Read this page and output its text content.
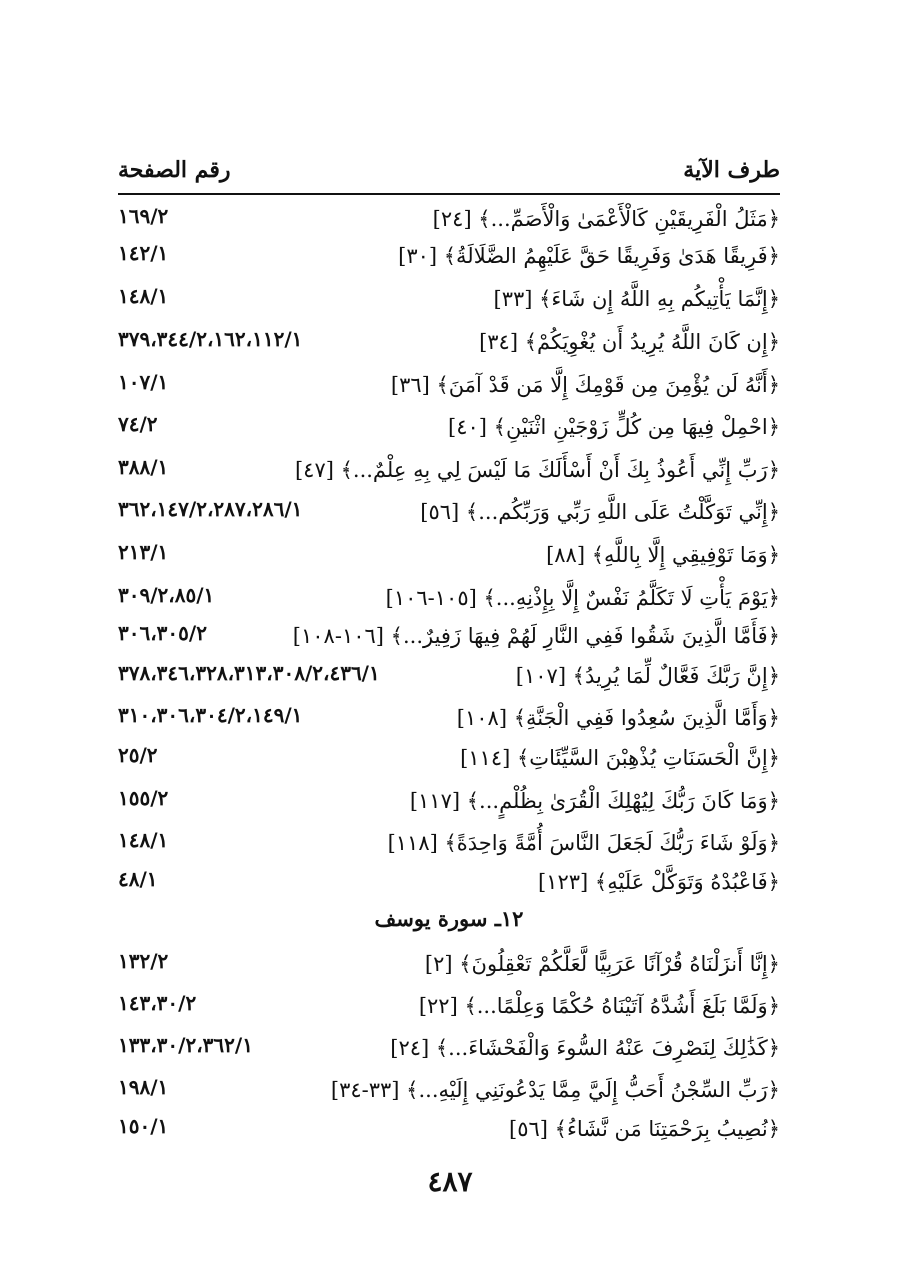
طرف الآية
رقم الصفحة
﴿مَثَلُ الْفَرِيقَيْنِ كَالْأَعْمَىٰ وَالْأَصَمِّ...﴾ [٢٤]
١٦٩/٢
﴿فَرِيقًا هَدَىٰ وَفَرِيقًا حَقَّ عَلَيْهِمُ الضَّلَالَةُ﴾ [٣٠]
١٤٢/١
﴿إِنَّمَا يَأْتِيكُم بِهِ اللَّهُ إِن شَاءَ﴾ [٣٣]
١٤٨/١
﴿إِن كَانَ اللَّهُ يُرِيدُ أَن يُغْوِيَكُمْ﴾ [٣٤]
٣٧٩،٣٤٤/٢،١٦٢،١١٢/١
﴿أَنَّهُ لَن يُؤْمِنَ مِن قَوْمِكَ إِلَّا مَن قَدْ آمَنَ﴾ [٣٦]
١٠٧/١
﴿احْمِلْ فِيهَا مِن كُلٍّ زَوْجَيْنِ اثْنَيْنِ﴾ [٤٠]
٧٤/٢
﴿رَبِّ إِنِّي أَعُوذُ بِكَ أَنْ أَسْأَلَكَ مَا لَيْسَ لِي بِهِ عِلْمٌ...﴾ [٤٧]
٣٨٨/١
﴿إِنِّي تَوَكَّلْتُ عَلَى اللَّهِ رَبِّي وَرَبِّكُم...﴾ [٥٦]
٣٦٢،١٤٧/٢،٢٨٧،٢٨٦/١
﴿وَمَا تَوْفِيقِي إِلَّا بِاللَّهِ﴾ [٨٨]
٢١٣/١
﴿يَوْمَ يَأْتِ لَا تَكَلَّمُ نَفْسٌ إِلَّا بِإِذْنِهِ...﴾ [١٠٥-١٠٦]
٣٠٩/٢،٨٥/١
﴿فَأَمَّا الَّذِينَ شَقُوا فَفِي النَّارِ لَهُمْ فِيهَا زَفِيرٌ...﴾ [١٠٦-١٠٨]
٣٠٦،٣٠٥/٢
﴿إِنَّ رَبَّكَ فَعَّالٌ لِّمَا يُرِيدُ﴾ [١٠٧]
٣٧٨،٣٤٦،٣٢٨،٣١٣،٣٠٨/٢،٤٣٦/١
﴿وَأَمَّا الَّذِينَ سُعِدُوا فَفِي الْجَنَّةِ﴾ [١٠٨]
٣١٠،٣٠٦،٣٠٤/٢،١٤٩/١
﴿إِنَّ الْحَسَنَاتِ يُذْهِبْنَ السَّيِّئَاتِ﴾ [١١٤]
٢٥/٢
﴿وَمَا كَانَ رَبُّكَ لِيُهْلِكَ الْقُرَىٰ بِظُلْمٍ...﴾ [١١٧]
١٥٥/٢
﴿وَلَوْ شَاءَ رَبُّكَ لَجَعَلَ النَّاسَ أُمَّةً وَاحِدَةً﴾ [١١٨]
١٤٨/١
﴿فَاعْبُدْهُ وَتَوَكَّلْ عَلَيْهِ﴾ [١٢٣]
٤٨/١
١٢ـ سورة يوسف
﴿إِنَّا أَنزَلْنَاهُ قُرْآنًا عَرَبِيًّا لَّعَلَّكُمْ تَعْقِلُونَ﴾ [٢]
١٣٢/٢
﴿وَلَمَّا بَلَغَ أَشُدَّهُ آتَيْنَاهُ حُكْمًا وَعِلْمًا...﴾ [٢٢]
١٤٣،٣٠/٢
﴿كَذَٰلِكَ لِنَصْرِفَ عَنْهُ السُّوءَ وَالْفَحْشَاءَ...﴾ [٢٤]
١٣٣،٣٠/٢،٣٦٢/١
﴿رَبِّ السِّجْنُ أَحَبُّ إِلَيَّ مِمَّا يَدْعُونَنِي إِلَيْهِ...﴾ [٣٣-٣٤]
١٩٨/١
﴿نُصِيبُ بِرَحْمَتِنَا مَن نَّشَاءُ﴾ [٥٦]
١٥٠/١
٤٨٧
